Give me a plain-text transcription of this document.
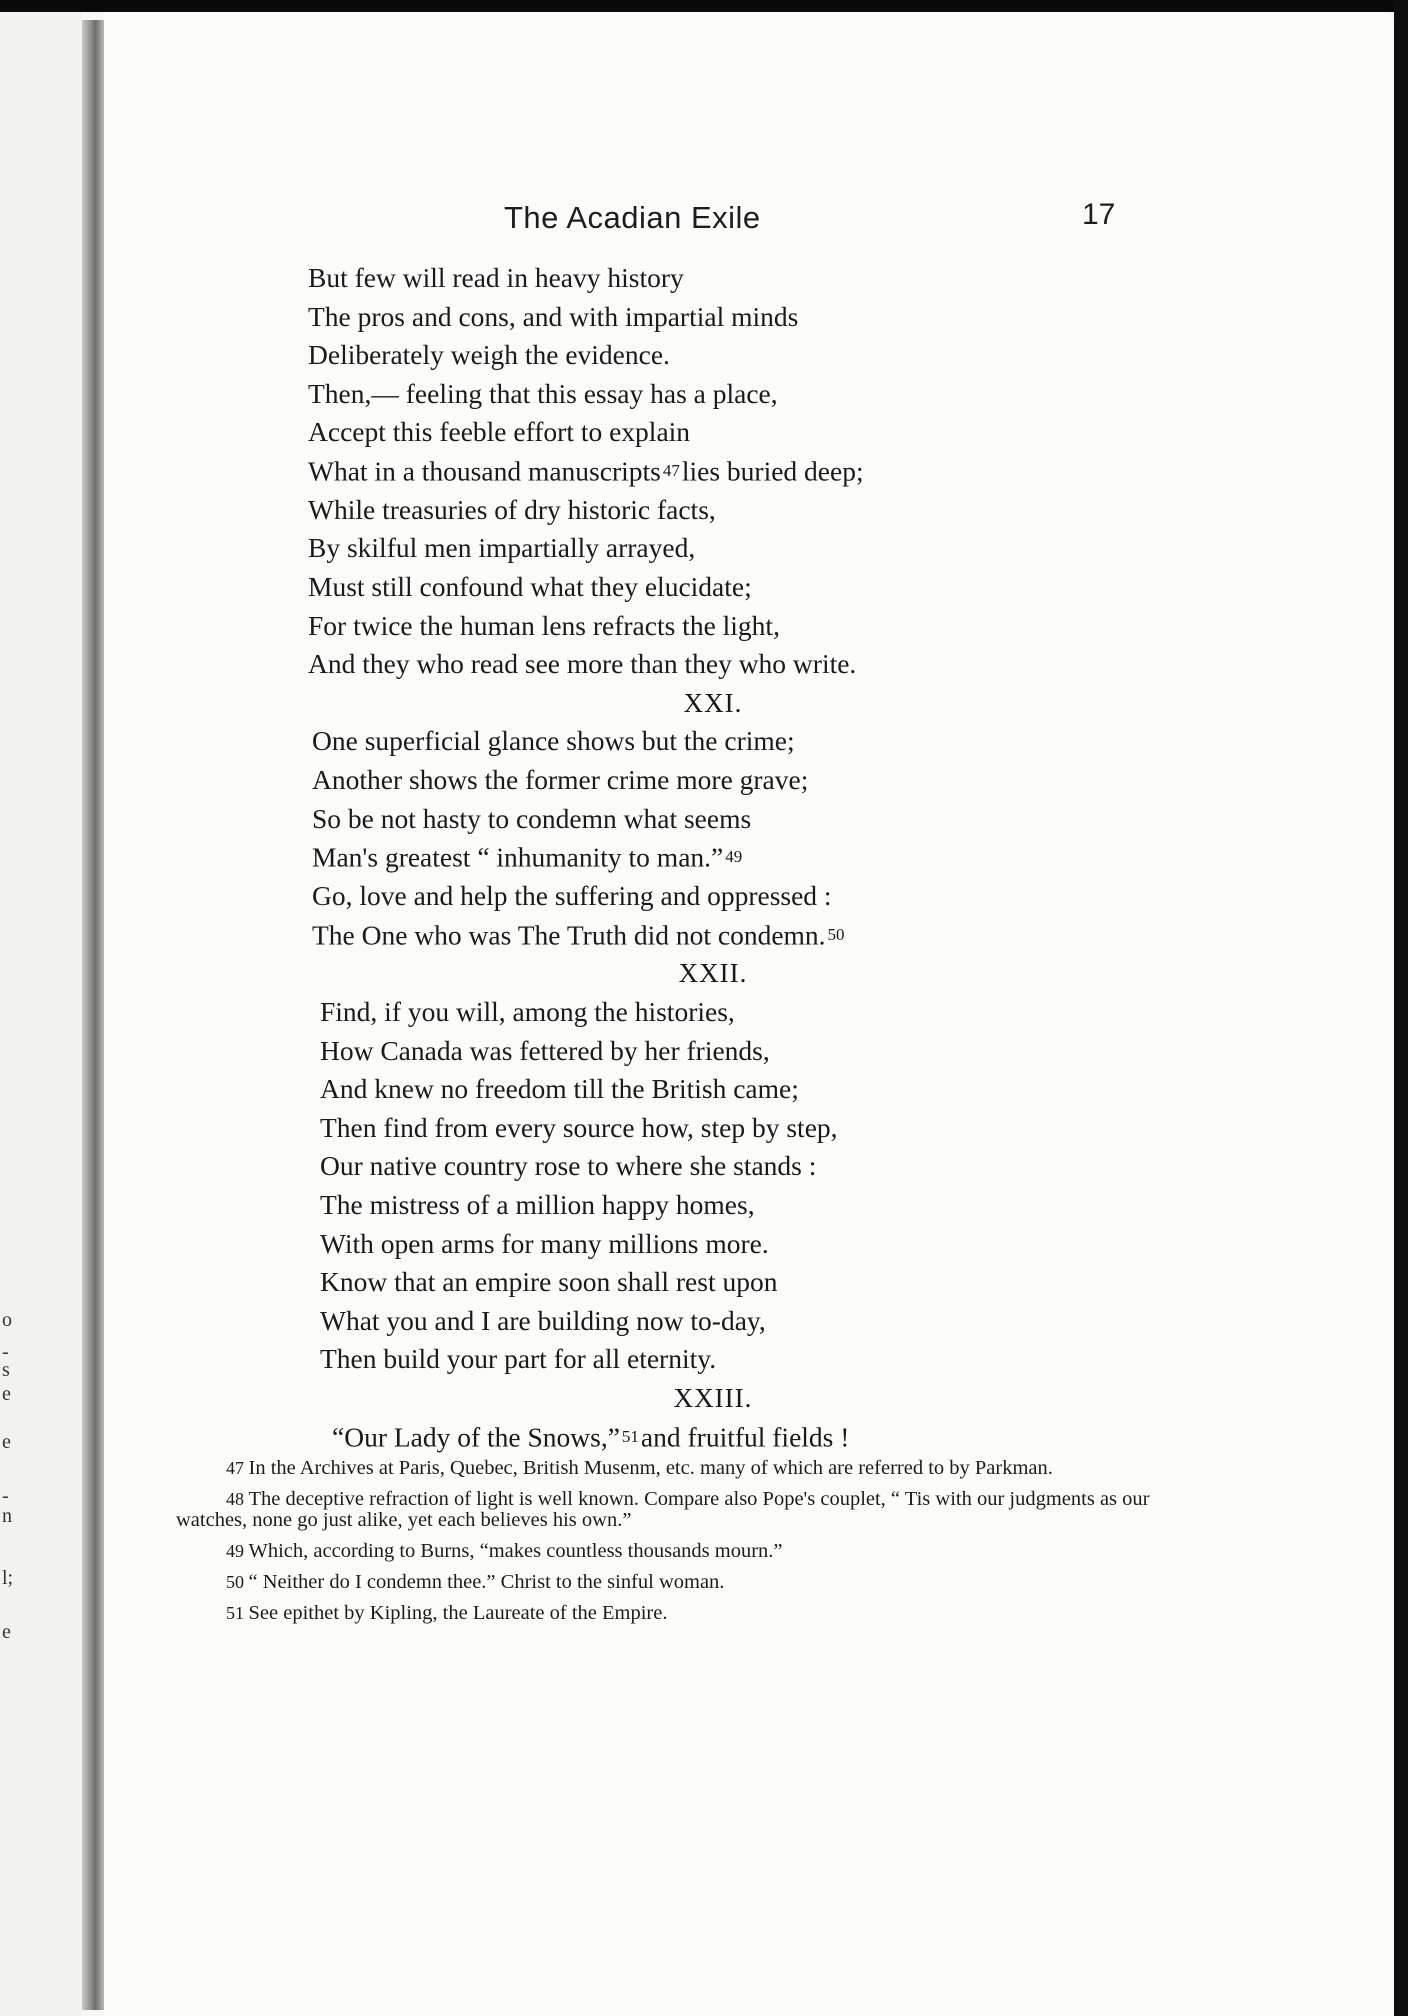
o
-
s
e
e
-
n
l;
e
The Acadian Exile	17
But few will read in heavy history
The pros and cons, and with impartial minds
Deliberately weigh the evidence.
Then,— feeling that this essay has a place,
Accept this feeble effort to explain
What in a thousand manuscripts 47lies buried deep;
While treasuries of dry historic facts,
By skilful men impartially arrayed,
Must still confound what they elucidate;
For twice the human lens refracts the light,
And they who read see more than they who write.
XXI.
One superficial glance shows but the crime;
Another shows the former crime more grave;
So be not hasty to condemn what seems
Man's greatest “ inhumanity to man.” 49
Go, love and help the suffering and oppressed :
The One who was The Truth did not condemn. 50
XXII.
Find, if you will, among the histories,
How Canada was fettered by her friends,
And knew no freedom till the British came;
Then find from every source how, step by step,
Our native country rose to where she stands :
The mistress of a million happy homes,
With open arms for many millions more.
Know that an empire soon shall rest upon
What you and I are building now to-day,
Then build your part for all eternity.
XXIII.
“Our Lady of the Snows,” 51and fruitful fields !
47 In the Archives at Paris, Quebec, British Musenm, etc. many of which are referred to by Parkman.
48 The deceptive refraction of light is well known. Compare also Pope's couplet, “ Tis with our judgments as our watches, none go just alike, yet each believes his own.”
49 Which, according to Burns, “makes countless thousands mourn.”
50 “ Neither do I condemn thee.” Christ to the sinful woman.
51 See epithet by Kipling, the Laureate of the Empire.
